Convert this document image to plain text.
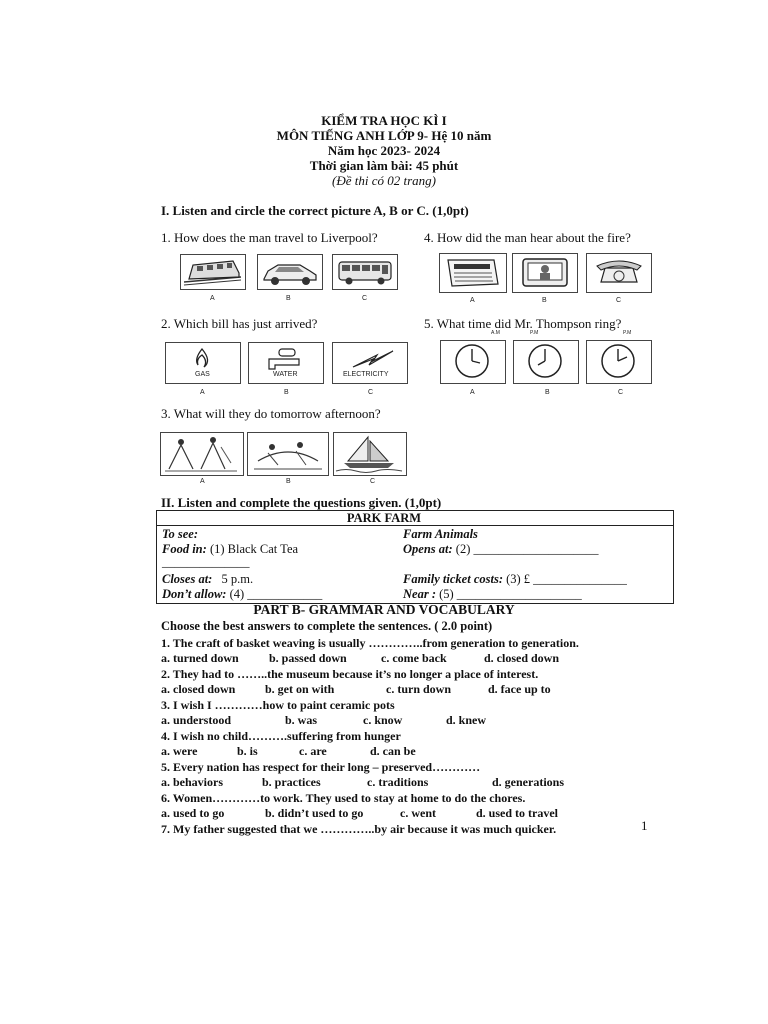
KIỂM TRA HỌC KÌ I
MÔN TIẾNG ANH LỚP 9- Hệ 10 năm
Năm học 2023- 2024
Thời gian làm bài: 45 phút
(Đề thi có 02 trang)
I. Listen and circle the correct picture A, B or C. (1,0pt)
1. How does the man travel to Liverpool?	4. How did the man hear about the fire?
A	B	C	A	B	C
2. Which bill has just arrived?	5. What time did Mr. Thompson ring?
GAS	WATER	ELECTRICITY
A	B	C
A.M	P.M	P.M
A	B	C
3. What will they do tomorrow afternoon?
A	B	C
II. Listen and complete the questions given. (1,0pt)
PARK FARM
To see:	Farm Animals
Food in: (1) Black Cat Tea	Opens at: (2) ____________________
______________
Closes at: 5 p.m.	Family ticket costs: (3) £ _______________
Don’t allow: (4) ____________	Near : (5) ____________________
PART B- GRAMMAR AND VOCABULARY
Choose the best answers to complete the sentences. ( 2.0 point)
1. The craft of basket weaving is usually …………..from generation to generation.
a. turned down	b. passed down	c. come back	d. closed down
2. They had to ……..the museum because it’s no longer a place of interest.
a. closed down b. get on with	c. turn down	d. face up to
3. I wish I …………how to paint ceramic pots
a. understood	b. was	c. know	d. knew
4. I wish no child……….suffering from hunger
a. were	b. is	c. are	d. can be
5. Every nation has respect for their long – preserved…………
a. behaviors	b. practices	c. traditions	d. generations
6. Women…………to work. They used to stay at home to do the chores.
a. used to go	b. didn’t used to go	c. went	d. used to travel
7. My father suggested that we …………..by air because it was much quicker.	1
